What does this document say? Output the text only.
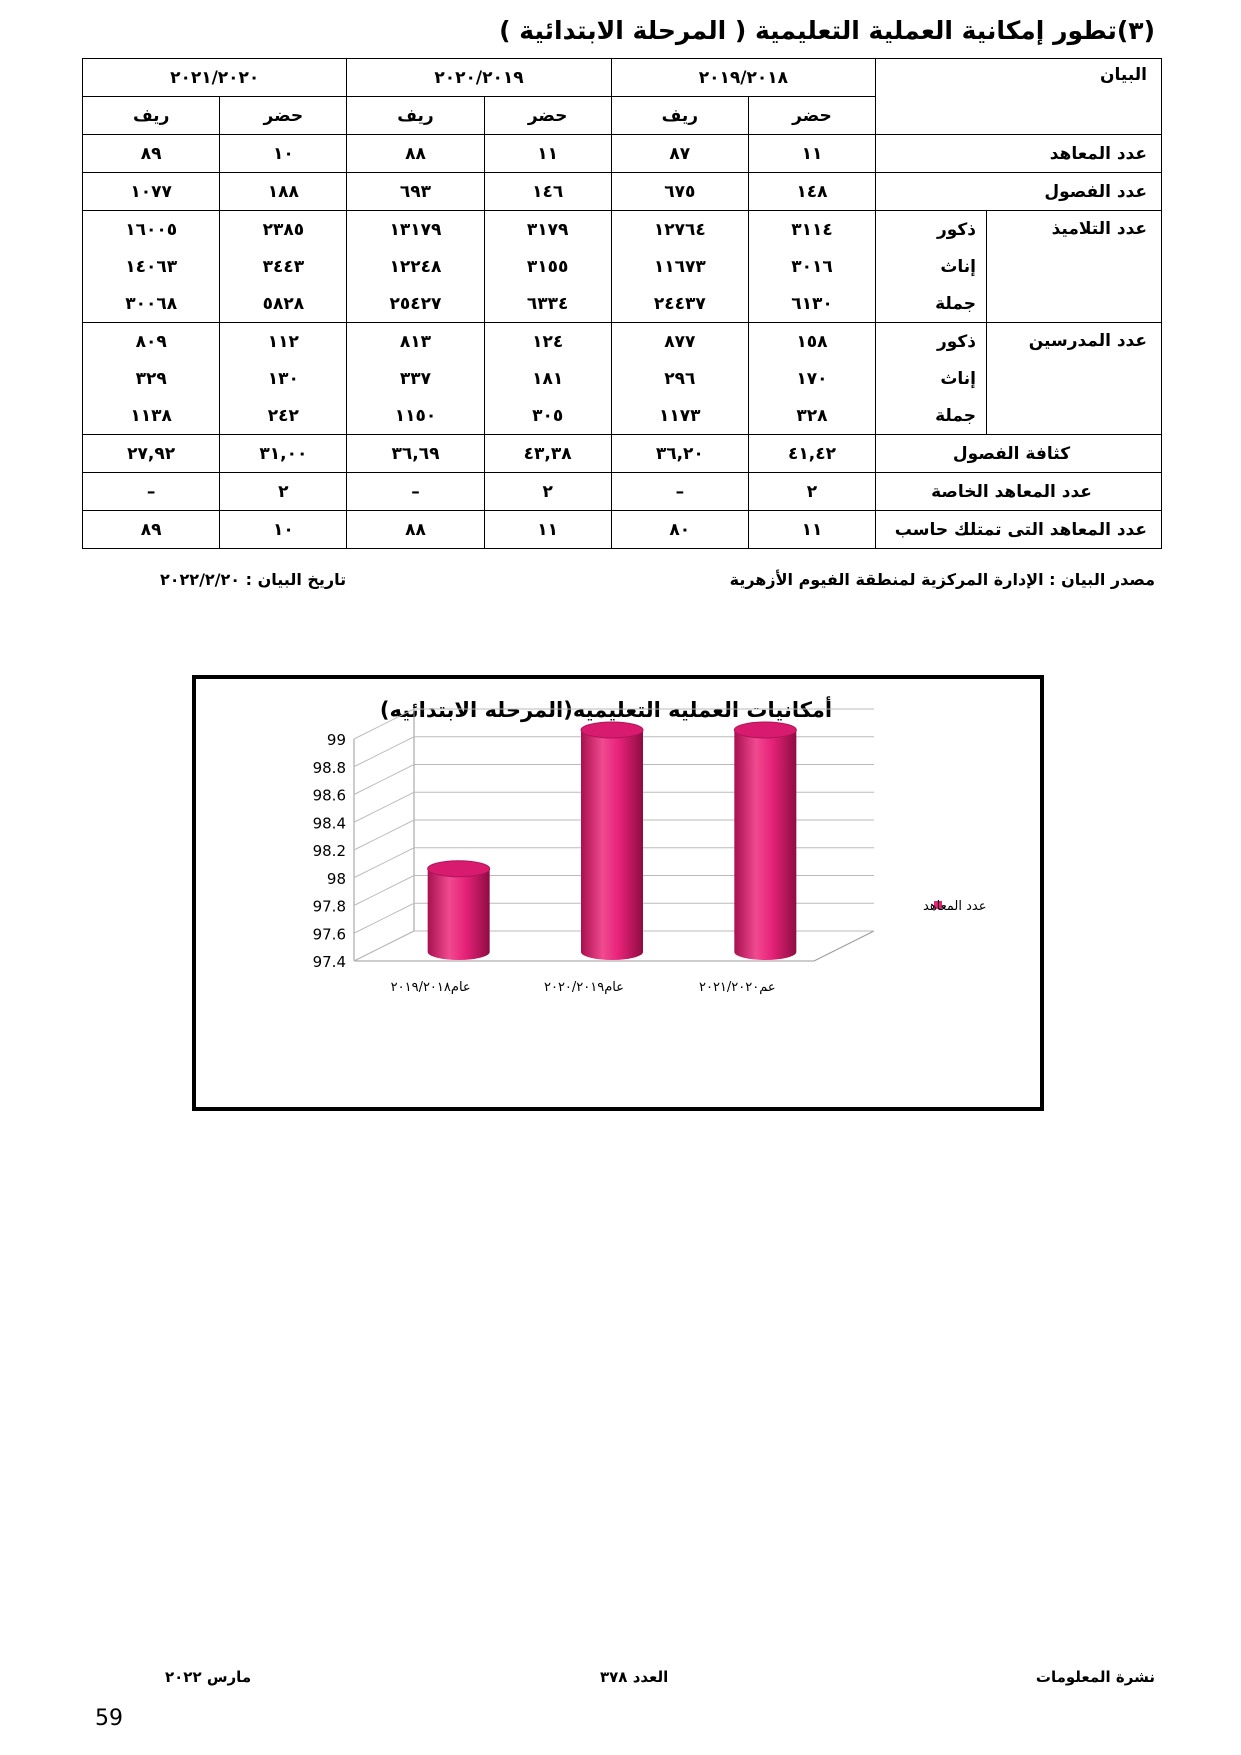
(٣)تطور إمكانية العملية التعليمية ( المرحلة الابتدائية )
البيان		٢٠١٩/٢٠١٨		٢٠٢٠/٢٠١٩		٢٠٢١/٢٠٢٠	
		حضر	ريف	حضر	ريف	حضر	ريف
عدد المعاهد		١١	٨٧	١١	٨٨	١٠	٨٩
عدد الفصول		١٤٨	٦٧٥	١٤٦	٦٩٣	١٨٨	١٠٧٧
عدد التلاميذ	ذكور	٣١١٤	١٢٧٦٤	٣١٧٩	١٣١٧٩	٢٣٨٥	١٦٠٠٥
	إناث	٣٠١٦	١١٦٧٣	٣١٥٥	١٢٢٤٨	٣٤٤٣	١٤٠٦٣
	جملة	٦١٣٠	٢٤٤٣٧	٦٣٣٤	٢٥٤٢٧	٥٨٢٨	٣٠٠٦٨
عدد المدرسين	ذكور	١٥٨	٨٧٧	١٢٤	٨١٣	١١٢	٨٠٩
	إناث	١٧٠	٢٩٦	١٨١	٣٣٧	١٣٠	٣٢٩
	جملة	٣٢٨	١١٧٣	٣٠٥	١١٥٠	٢٤٢	١١٣٨
كثافة الفصول		٤١,٤٢	٣٦,٢٠	٤٣,٣٨	٣٦,٦٩	٣١,٠٠	٢٧,٩٢
عدد المعاهد الخاصة		٢	–	٢	–	٢	–
عدد المعاهد التى تمتلك حاسب		١١	٨٠	١١	٨٨	١٠	٨٩
مصدر البيان : الإدارة المركزية لمنطقة الفيوم الأزهرية
تاريخ البيان : ٢٠٢٢/٢/٢٠
أمكانيات العمليه التعليميه(المرحله الابتدائيه)
97.4
97.6
97.8
98
98.2
98.4
98.6
98.8
99
عام٢٠١٩/٢٠١٨	عام٢٠٢٠/٢٠١٩	عم٢٠٢١/٢٠٢٠
عدد المعاهد
نشرة المعلومات
العدد ٣٧٨
مارس ٢٠٢٢
59
